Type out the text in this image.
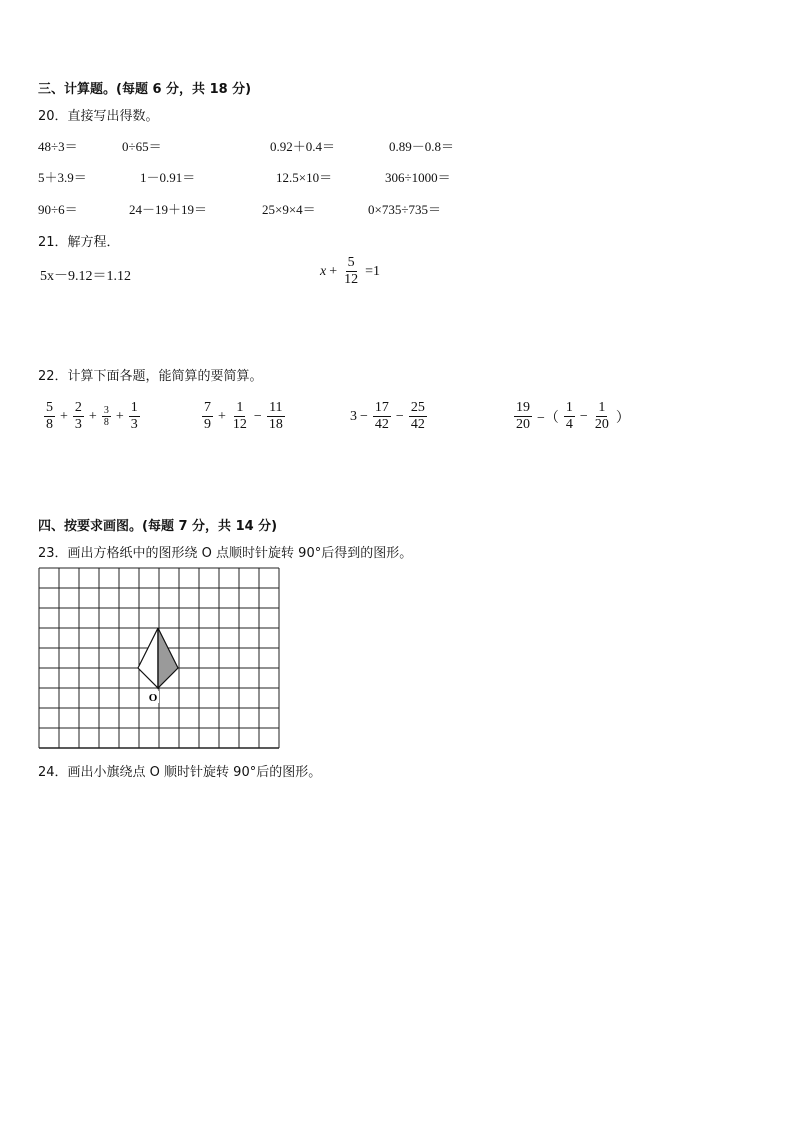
三、计算题。(每题 6 分，共 18 分)
20．直接写出得数。
48÷3＝	0÷65＝	0.92＋0.4＝	0.89－0.8＝
5＋3.9＝	1－0.91＝	12.5×10＝	306÷1000＝
90÷6＝	24－19＋19＝	25×9×4＝	0×735÷735＝
21．解方程．
5x－9.12＝1.12	$x + \frac{5}{12} =1$
22．计算下面各题，能简算的要简算。
$\frac{5}{8} + \frac{2}{3} + \frac{3}{8} + \frac{1}{3}$	$\frac{7}{9} + \frac{1}{12} - \frac{11}{18}$	$3 - \frac{17}{42} - \frac{25}{42}$	$\frac{19}{20}$ −（ $\frac{1}{4} - \frac{1}{20}$ ）
四、按要求画图。(每题 7 分，共 14 分)
23．画出方格纸中的图形绕 O 点顺时针旋转 90°后得到的图形。
O
24．画出小旗绕点 O 顺时针旋转 90°后的图形。
